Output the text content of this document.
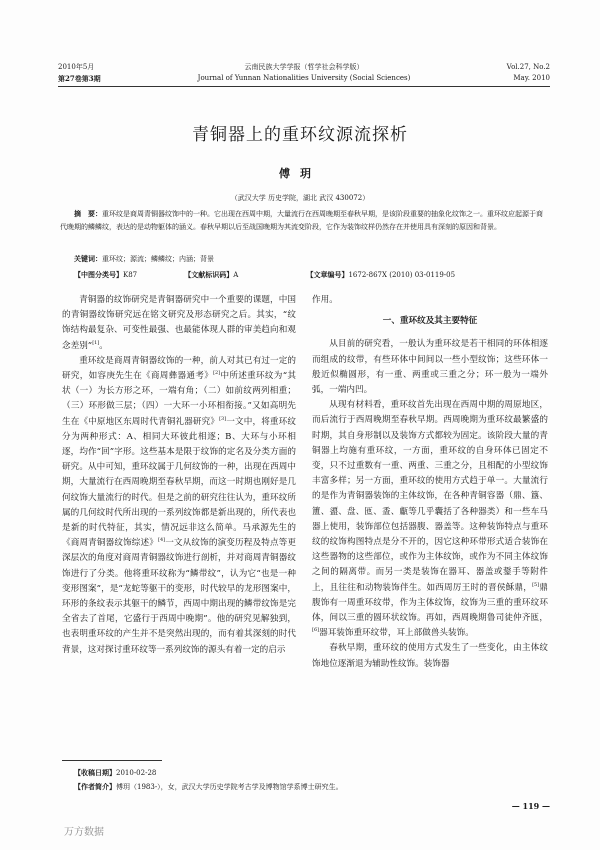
2010年5月
第27卷第3期
云南民族大学学报（哲学社会科学版）
Journal of Yunnan Nationalities University (Social Sciences)
Vol.27, No.2
May. 2010
青铜器上的重环纹源流探析
傅玥
（武汉大学 历史学院，湖北 武汉 430072）
摘　要：重环纹是商周青铜器纹饰中的一种。它出现在西周中期，大量流行在西周晚期至春秋早期，是该阶段重要的抽象化纹饰之一。重环纹应起源于商代晚期的鳞鳞纹，表达的是动物躯体的涵义。春秋早期以后至战国晚期为其流变阶段，它作为装饰纹样仍然存在并使用具有深刻的原因和背景。
关键词：重环纹；源流；鳞鳞纹；内涵；背景
【中图分类号】K87	【文献标识码】A	【文章编号】1672-867X (2010) 03-0119-05

青铜器的纹饰研究是青铜器研究中一个重要的课题，中国的青铜器纹饰研究远在铭文研究及形态研究之后。其实，“纹饰结构最复杂、可变性最强、也最能体现人群的审美趋向和观念差别”[1]。

重环纹是商周青铜器纹饰的一种，前人对其已有过一定的研究，如容庚先生在《商周彝器通考》[2]中所述重环纹为“其状（一）为长方形之环，一端有角；（二）如前纹两列相重；（三）环形做三层；（四）一大环一小环相衔接。”又如高明先生在《中原地区东周时代青铜礼器研究》[3]一文中，将重环纹分为两种形式：A、相同大环彼此相逐；B、大环与小环相逐，均作“回”字形。这些基本是限于纹饰的定名及分类方面的研究。从中可知，重环纹属于几何纹饰的一种，出现在西周中期，大量流行在西周晚期至春秋早期，而这一时期也刚好是几何纹饰大量流行的时代。但是之前的研究往往认为，重环纹所属的几何纹时代所出现的一系列纹饰都是新出现的，所代表也是新的时代特征，其实，情况远非这么简单。马承源先生的《商周青铜器纹饰综述》[4]一文从纹饰的演变历程及特点等更深层次的角度对商周青铜器纹饰进行剖析，并对商周青铜器纹饰进行了分类。他将重环纹称为“鳞带纹”，认为它“也是一种变形图案”，是“龙蛇等躯干的变形，时代较早的龙形图案中，环形的条纹表示其躯干的鳞节，西周中期出现的鳞带纹饰是完全省去了首尾，它盛行于西周中晚期”。他的研究见解独到，也表明重环纹的产生并不是突然出现的，而有着其深刻的时代背景，这对探讨重环纹等一系列纹饰的源头有着一定的启示

作用。

一、重环纹及其主要特征

从目前的研究看，一般认为重环纹是若干相同的环体相逐而组成的纹带，有些环体中间间以一些小型纹饰；这些环体一般近似椭圆形，有一重、两重或三重之分；环一般为一端外弧，一端内凹。

从现有材料看，重环纹首先出现在西周中期的周原地区，而后流行于西周晚期至春秋早期。西周晚期为重环纹最繁盛的时期，其自身形制以及装饰方式都较为固定。该阶段大量的青铜器上均施有重环纹，一方面，重环纹的自身环体已固定不变，只不过重数有一重、两重、三重之分，且相配的小型纹饰丰富多样；另一方面，重环纹的使用方式趋于单一。大量流行的是作为青铜器装饰的主体纹饰，在各种青铜容器（鼎、簋、簠、盨、盘、匜、盉、甗等几乎囊括了各种器类）和一些车马器上使用，装饰部位包括器腹、器盖等。这种装饰特点与重环纹的纹饰构图特点是分不开的，因它这种环带形式适合装饰在这些器物的这些部位，或作为主体纹饰，或作为不同主体纹饰之间的隔离带。而另一类是装饰在器耳、器盖或鋬手等附件上，且往往和动物装饰伴生。如西周厉王时的晋侯稣鼎，[5]鼎腹饰有一周重环纹带，作为主体纹饰，纹饰为三重的重环纹环体，间以三重的圆环状纹饰。再如，西周晚期鲁司徒仲齐匜，[6]器耳装饰重环纹带，耳上部做兽头装饰。

春秋早期，重环纹的使用方式发生了一些变化，由主体纹饰地位逐渐退为辅助性纹饰。装饰器

【收稿日期】2010-02-28
【作者简介】傅玥（1983-），女，武汉大学历史学院考古学及博物馆学系博士研究生。
— 119 —
万方数据
